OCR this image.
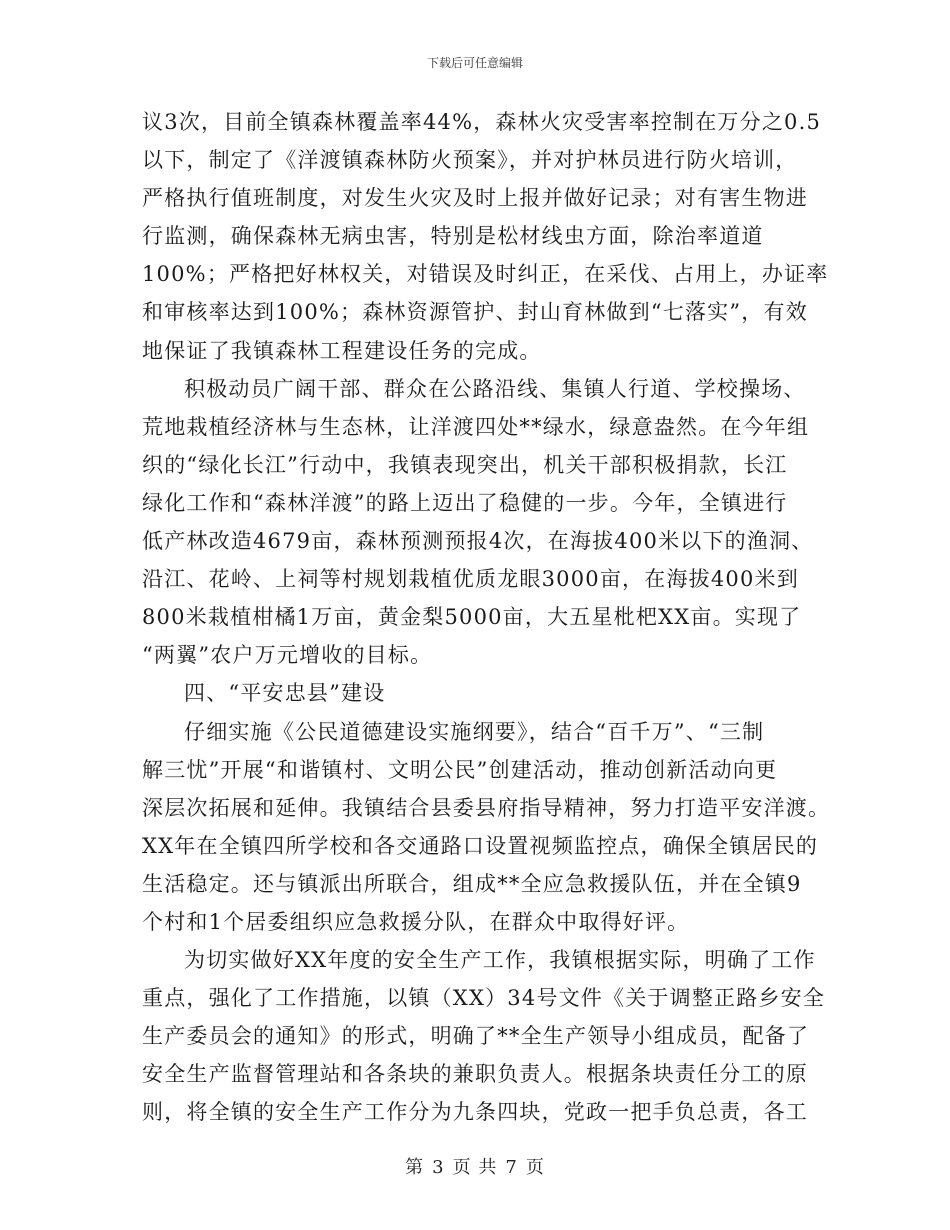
下载后可任意编辑
议3次，目前全镇森林覆盖率44%，森林火灾受害率控制在万分之0.5
以下，制定了《洋渡镇森林防火预案》，并对护林员进行防火培训，
严格执行值班制度，对发生火灾及时上报并做好记录；对有害生物进
行监测，确保森林无病虫害，特别是松材线虫方面，除治率道道
100%；严格把好林权关，对错误及时纠正，在采伐、占用上，办证率
和审核率达到100%；森林资源管护、封山育林做到“七落实”，有效
地保证了我镇森林工程建设任务的完成。
积极动员广阔干部、群众在公路沿线、集镇人行道、学校操场、
荒地栽植经济林与生态林，让洋渡四处**绿水，绿意盎然。在今年组
织的“绿化长江”行动中，我镇表现突出，机关干部积极捐款，长江
绿化工作和“森林洋渡”的路上迈出了稳健的一步。今年，全镇进行
低产林改造4679亩，森林预测预报4次，在海拔400米以下的渔洞、
沿江、花岭、上祠等村规划栽植优质龙眼3000亩，在海拔400米到
800米栽植柑橘1万亩，黄金梨5000亩，大五星枇杷XX亩。实现了
“两翼”农户万元增收的目标。
四、“平安忠县”建设
仔细实施《公民道德建设实施纲要》，结合“百千万”、“三制
解三忧”开展“和谐镇村、文明公民”创建活动，推动创新活动向更
深层次拓展和延伸。我镇结合县委县府指导精神，努力打造平安洋渡。
XX年在全镇四所学校和各交通路口设置视频监控点，确保全镇居民的
生活稳定。还与镇派出所联合，组成**全应急救援队伍，并在全镇9
个村和1个居委组织应急救援分队，在群众中取得好评。
为切实做好XX年度的安全生产工作，我镇根据实际，明确了工作
重点，强化了工作措施，以镇（XX）34号文件《关于调整正路乡安全
生产委员会的通知》的形式，明确了**全生产领导小组成员，配备了
安全生产监督管理站和各条块的兼职负责人。根据条块责任分工的原
则，将全镇的安全生产工作分为九条四块，党政一把手负总责，各工
第 3 页 共 7 页
